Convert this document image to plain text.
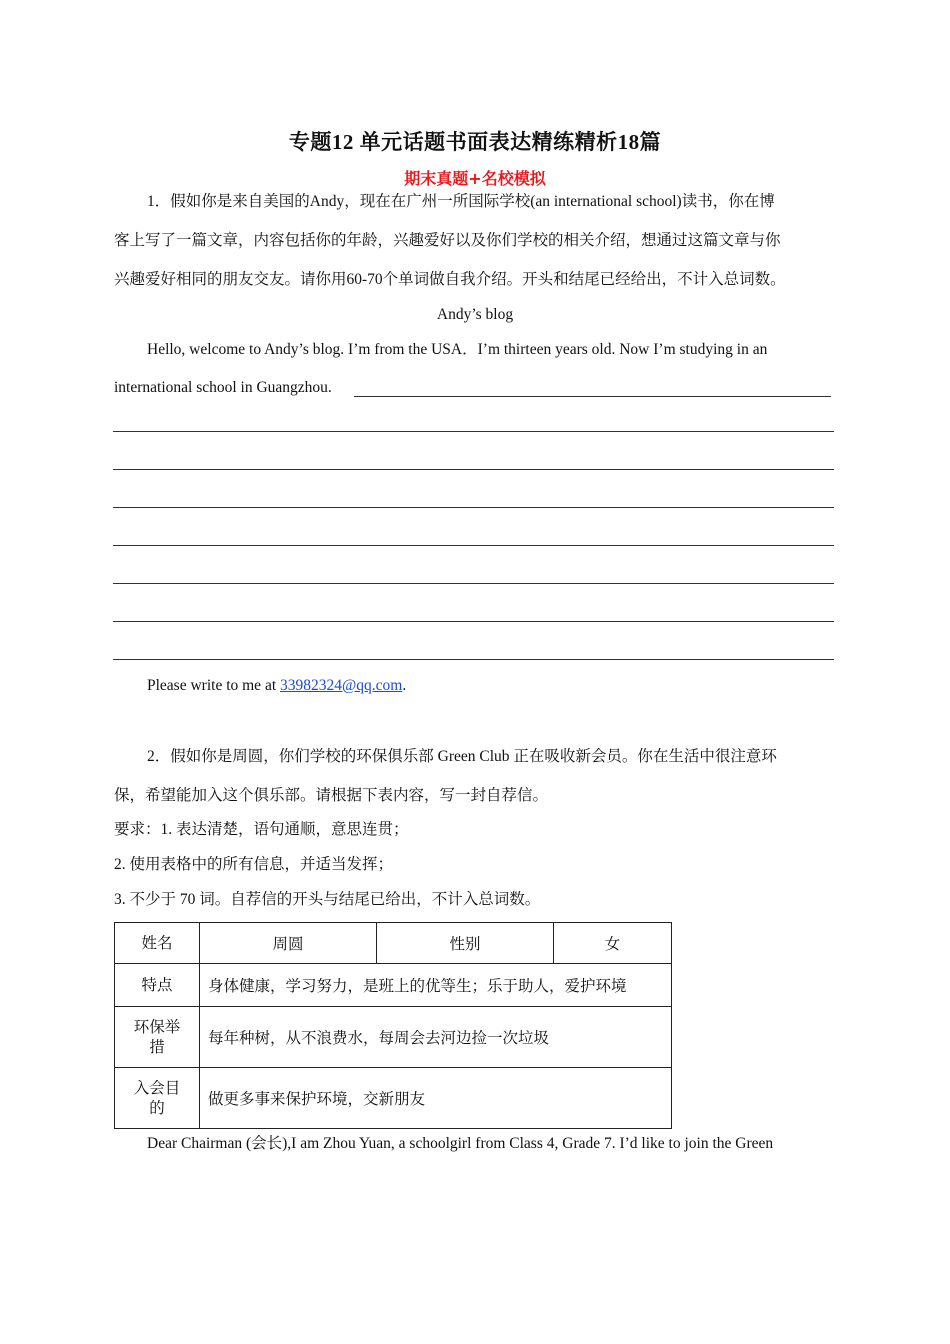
专题12 单元话题书面表达精练精析18篇
期末真题+名校模拟
1．假如你是来自美国的Andy，现在在广州一所国际学校(an international school)读书，你在博
客上写了一篇文章，内容包括你的年龄，兴趣爱好以及你们学校的相关介绍，想通过这篇文章与你
兴趣爱好相同的朋友交友。请你用60-70个单词做自我介绍。开头和结尾已经给出，不计入总词数。
Andy’s blog
Hello, welcome to Andy’s blog. I’m from the USA．I’m thirteen years old. Now I’m studying in an
international school in Guangzhou.
Please write to me at 33982324@qq.com.
2．假如你是周圆，你们学校的环保俱乐部 Green Club 正在吸收新会员。你在生活中很注意环
保，希望能加入这个俱乐部。请根据下表内容，写一封自荐信。
要求：1. 表达清楚，语句通顺，意思连贯；
2. 使用表格中的所有信息，并适当发挥；
3. 不少于 70 词。自荐信的开头与结尾已给出，不计入总词数。
姓名	周圆	性别	女
特点	身体健康，学习努力，是班上的优等生；乐于助人，爱护环境		

环保举
措	每年种树，从不浪费水，每周会去河边捡一次垃圾		

入会目
的	做更多事来保护环境，交新朋友		
Dear Chairman (会长),I am Zhou Yuan, a schoolgirl from Class 4, Grade 7. I’d like to join the Green
